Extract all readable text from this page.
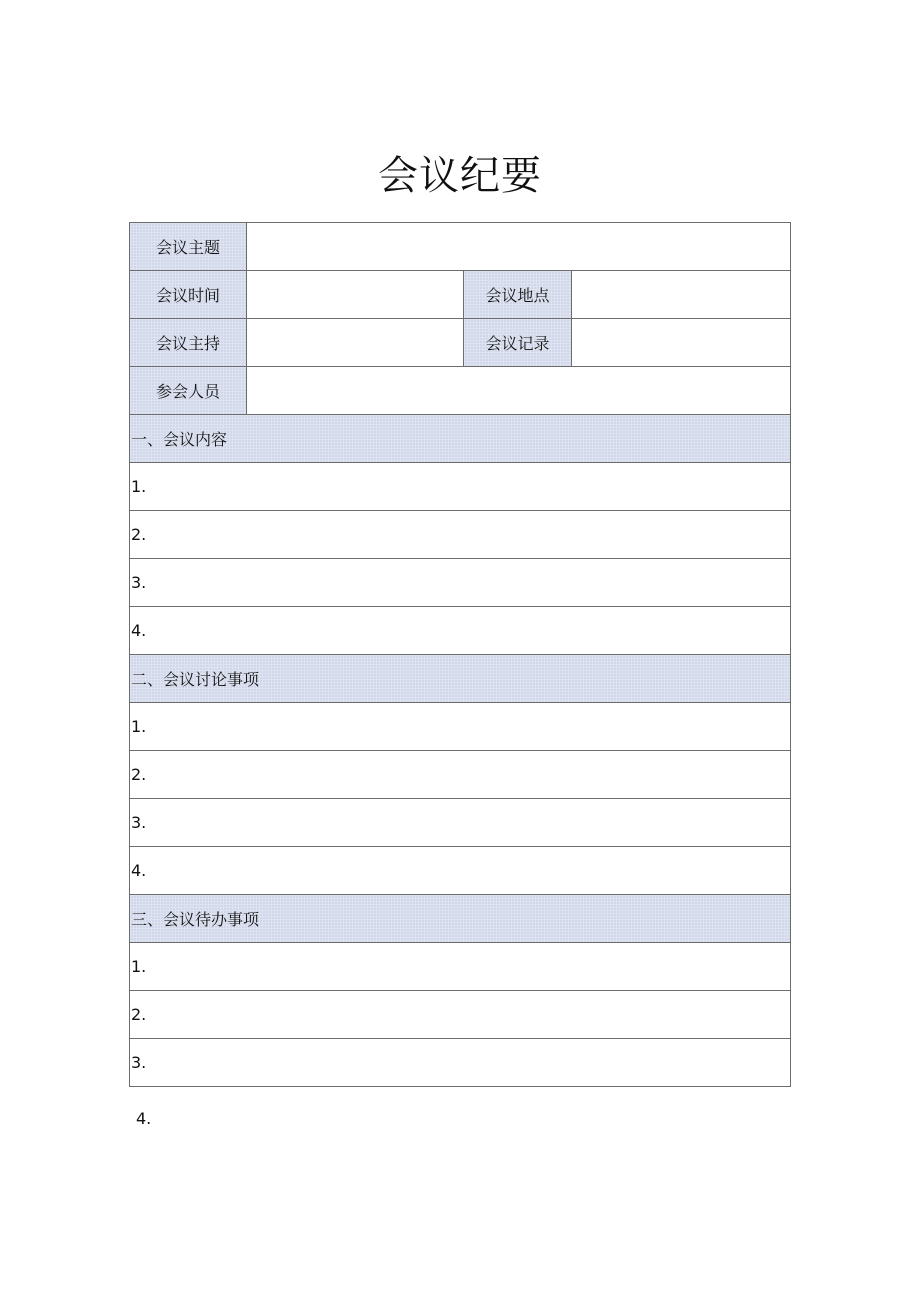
会议纪要
会议主题			
会议时间		会议地点	
会议主持		会议记录	
参会人员			
一、会议内容			
1.			
2.			
3.			
4.			
二、会议讨论事项			
1.			
2.			
3.			
4.			
三、会议待办事项			
1.			
2.			
3.			
4.
